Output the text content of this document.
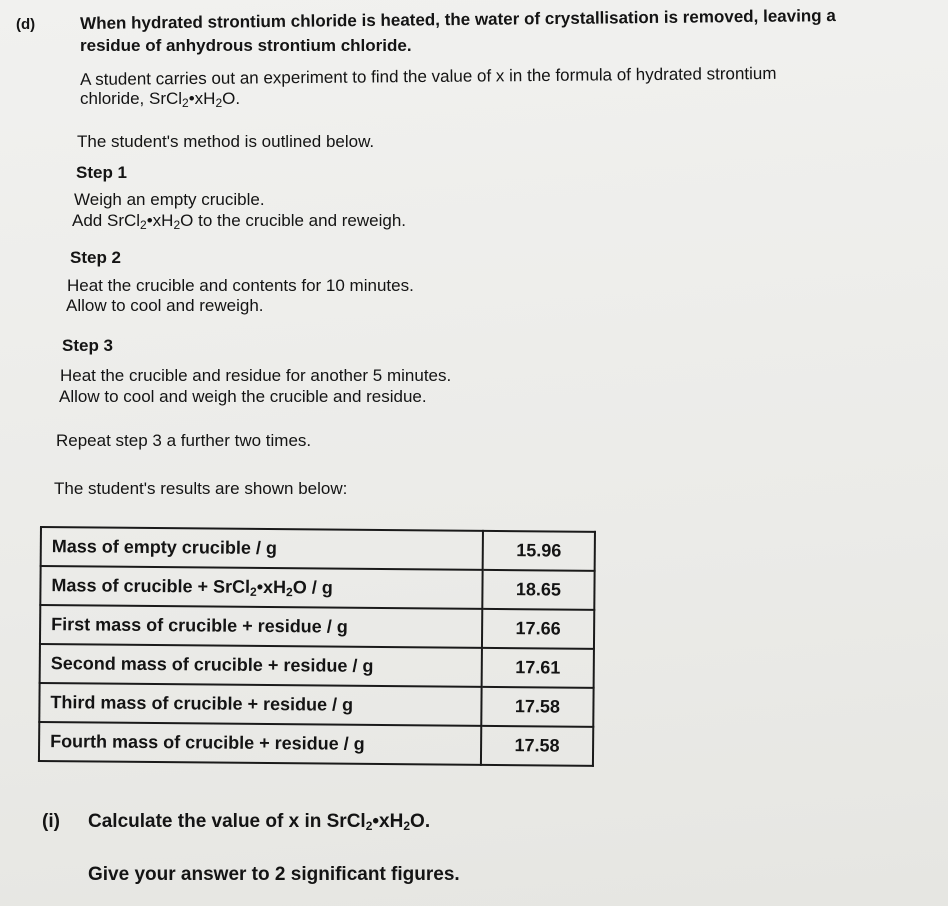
(d)	When hydrated strontium chloride is heated, the water of crystallisation is removed, leaving a
residue of anhydrous strontium chloride.
A student carries out an experiment to find the value of x in the formula of hydrated strontium
chloride, $SrCl_2•xH_2O$.
The student's method is outlined below.
Step 1
Weigh an empty crucible.
Add $SrCl_2•xH_2O$ to the crucible and reweigh.
Step 2
Heat the crucible and contents for 10 minutes.
Allow to cool and reweigh.
Step 3
Heat the crucible and residue for another 5 minutes.
Allow to cool and weigh the crucible and residue.
Repeat step 3 a further two times.
The student's results are shown below:
Mass of empty crucible / g	15.96
Mass of crucible + $SrCl_2•xH_2O$ / g	18.65
First mass of crucible + residue / g	17.66
Second mass of crucible + residue / g	17.61
Third mass of crucible + residue / g	17.58
Fourth mass of crucible + residue / g	17.58
(i) Calculate the value of x in $SrCl_2•xH_2O$.
Give your answer to 2 significant figures.
